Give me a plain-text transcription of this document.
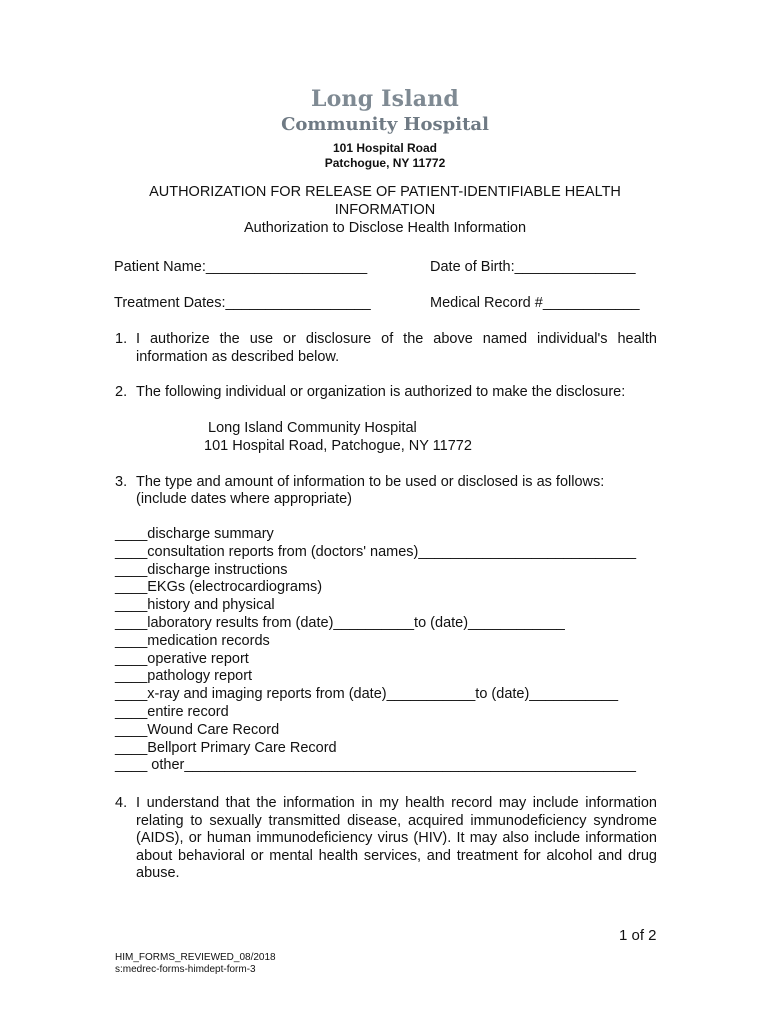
Long Island
Community Hospital
101 Hospital Road
Patchogue, NY 11772
AUTHORIZATION FOR RELEASE OF PATIENT-IDENTIFIABLE HEALTH
INFORMATION
Authorization to Disclose Health Information
Patient Name:____________________	Date of Birth:_______________
Treatment Dates:__________________	Medical Record #____________
1. I authorize the use or disclosure of the above named individual's health information as described below.
2. The following individual or organization is authorized to make the disclosure:
Long Island Community Hospital
101 Hospital Road, Patchogue, NY 11772
3. The type and amount of information to be used or disclosed is as follows:
(include dates where appropriate)
____discharge summary
____consultation reports from (doctors' names)___________________________
____discharge instructions
____EKGs (electrocardiograms)
____history and physical
____laboratory results from (date)__________to (date)____________
____medication records
____operative report
____pathology report
____x-ray and imaging reports from (date)___________to (date)___________
____entire record
____Wound Care Record
____Bellport Primary Care Record
____ other________________________________________________________
4. I understand that the information in my health record may include information relating to sexually transmitted disease, acquired immunodeficiency syndrome (AIDS), or human immunodeficiency virus (HIV). It may also include information about behavioral or mental health services, and treatment for alcohol and drug abuse.
1 of 2
HIM_FORMS_REVIEWED_08/2018
s:medrec-forms-himdept-form-3
